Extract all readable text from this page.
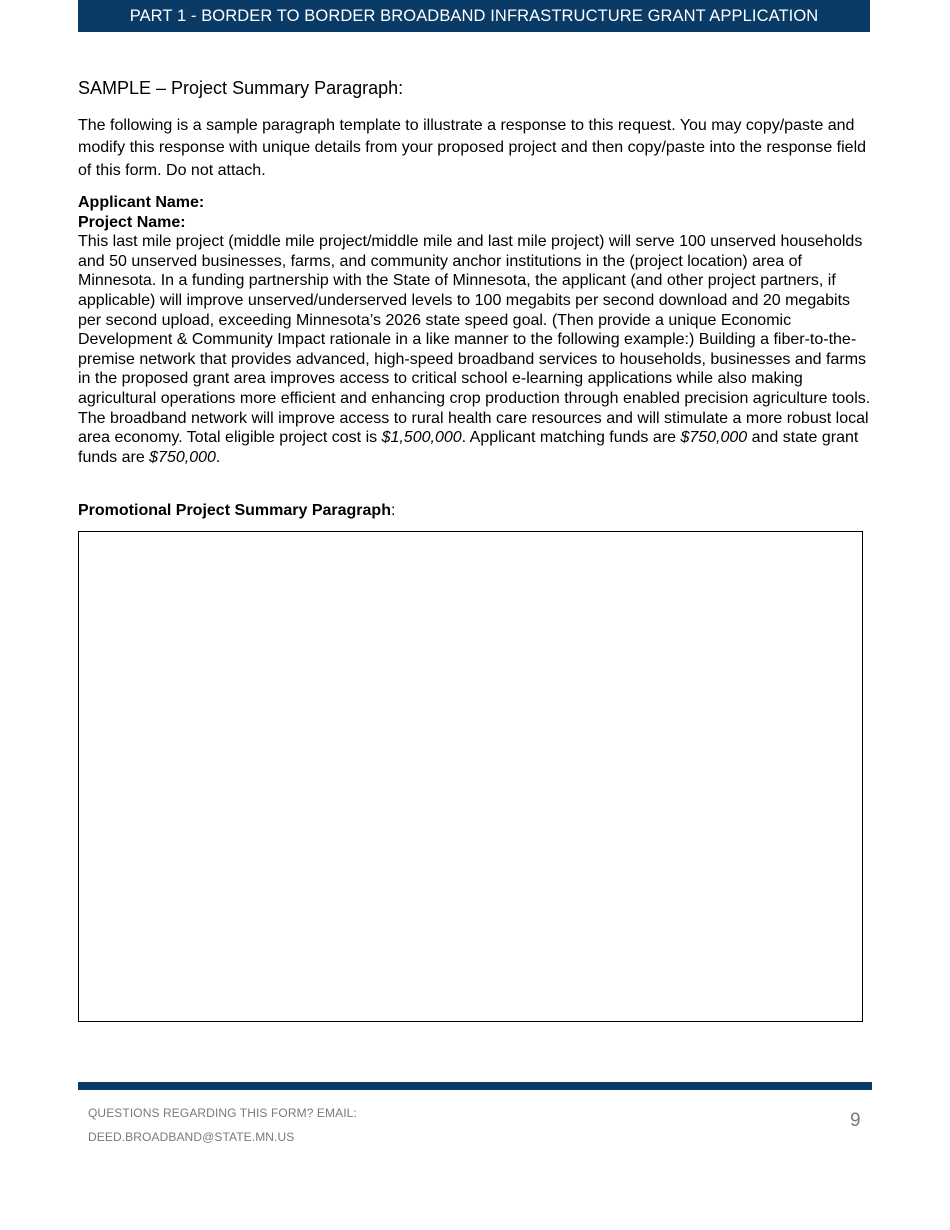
PART 1 - BORDER TO BORDER BROADBAND INFRASTRUCTURE GRANT APPLICATION
SAMPLE – Project Summary Paragraph:
The following is a sample paragraph template to illustrate a response to this request. You may copy/paste and modify this response with unique details from your proposed project and then copy/paste into the response field of this form. Do not attach.
Applicant Name:
Project Name:
This last mile project (middle mile project/middle mile and last mile project) will serve 100 unserved households and 50 unserved businesses, farms, and community anchor institutions in the (project location) area of Minnesota. In a funding partnership with the State of Minnesota, the applicant (and other project partners, if applicable) will improve unserved/underserved levels to 100 megabits per second download and 20 megabits per second upload, exceeding Minnesota’s 2026 state speed goal. (Then provide a unique Economic Development & Community Impact rationale in a like manner to the following example:) Building a fiber-to-the-premise network that provides advanced, high-speed broadband services to households, businesses and farms in the proposed grant area improves access to critical school e-learning applications while also making agricultural operations more efficient and enhancing crop production through enabled precision agriculture tools. The broadband network will improve access to rural health care resources and will stimulate a more robust local area economy. Total eligible project cost is $1,500,000. Applicant matching funds are $750,000 and state grant funds are $750,000.
Promotional Project Summary Paragraph:
QUESTIONS REGARDING THIS FORM? EMAIL:
DEED.BROADBAND@STATE.MN.US
9
